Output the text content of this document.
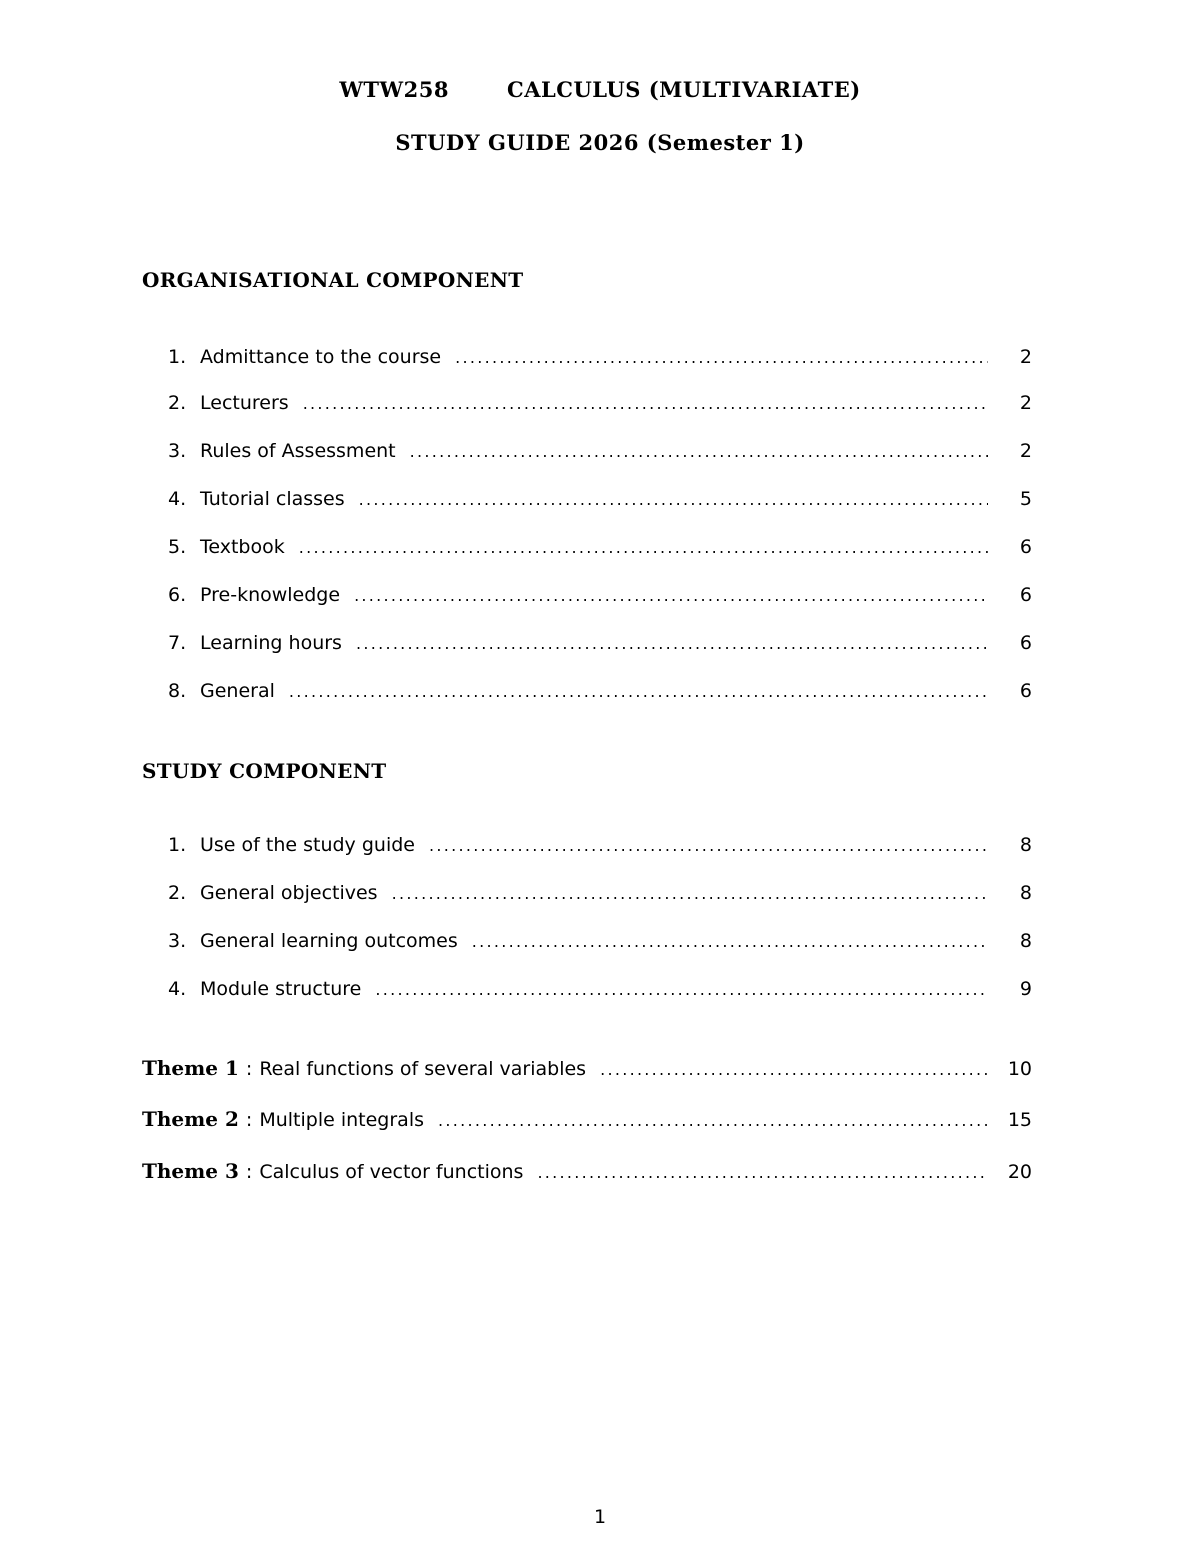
WTW258	CALCULUS (MULTIVARIATE)
STUDY GUIDE 2026 (Semester 1)
ORGANISATIONAL COMPONENT
1. Admittance to the course . . .	2
2. Lecturers . . .	2
3. Rules of Assessment . . .	2
4. Tutorial classes . . .	5
5. Textbook . . .	6
6. Pre-knowledge . . .	6
7. Learning hours . . .	6
8. General . . .	6
STUDY COMPONENT
1. Use of the study guide . . .	8
2. General objectives . . .	8
3. General learning outcomes . . .	8
4. Module structure . . .	9
Theme 1 : Real functions of several variables . . .	10
Theme 2 : Multiple integrals . . .	15
Theme 3 : Calculus of vector functions . . .	20
1
